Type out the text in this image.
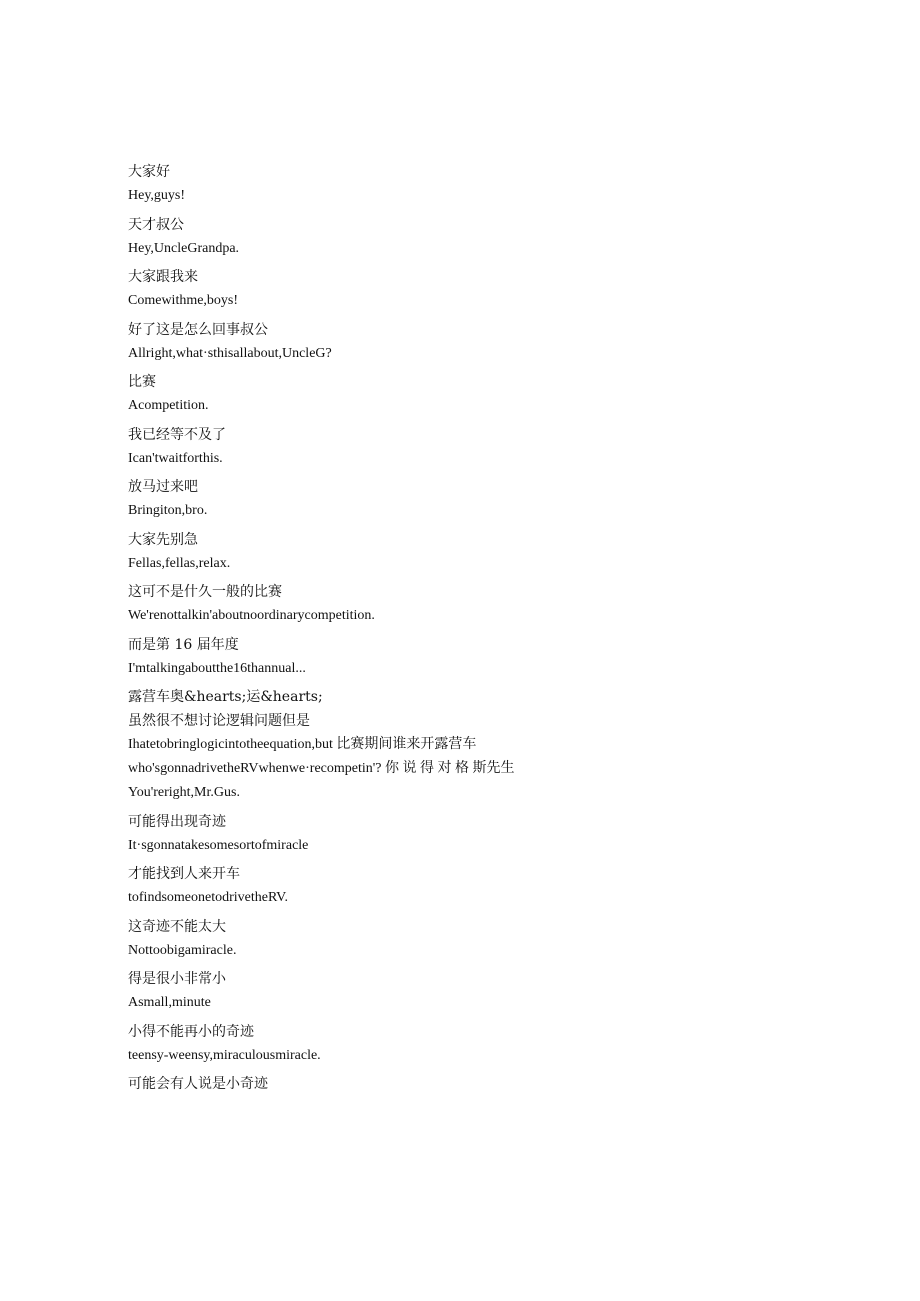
大家好
Hey,guys!
天才叔公
Hey,UncleGrandpa.
大家跟我来
Comewithme,boys!
好了这是怎么回事叔公
Allright,what·sthisallabout,UncleG?
比赛
Acompetition.
我已经等不及了
Ican'twaitforthis.
放马过来吧
Bringiton,bro.
大家先别急
Fellas,fellas,relax.
这可不是什久一般的比赛
We'renottalkin'aboutnoordinarycompetition.
而是第 16 届年度
I'mtalkingaboutthe16thannual...
露营车奥&hearts;运&hearts;
虽然很不想讨论逻辑问题但是
Ihatetobringlogicintotheequation,but 比赛期间谁来开露营车
who'sgonnadrivetheRVwhenwe·recompetin'? 你 说 得 对 格 斯先生
You'reright,Mr.Gus.
可能得出现奇迹
It·sgonnatakesomesortofmiracle
才能找到人来开车
tofindsomeonetodrivetheRV.
这奇迹不能太大
Nottoobigamiracle.
得是很小非常小
Asmall,minute
小得不能再小的奇迹
teensy-weensy,miraculousmiracle.
可能会有人说是小奇迹
